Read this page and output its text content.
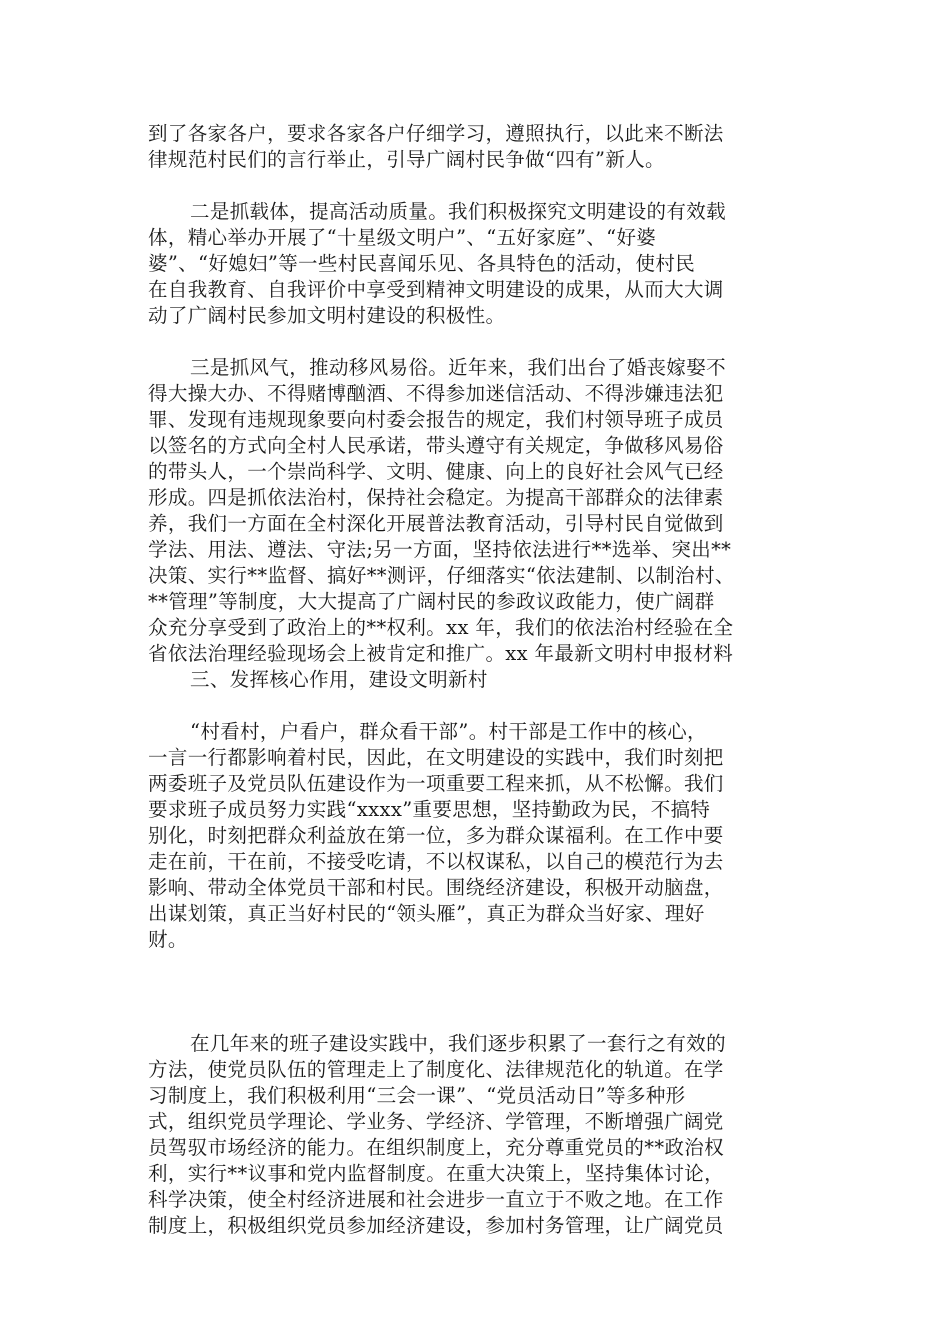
到了各家各户，要求各家各户仔细学习，遵照执行，以此来不断法
律规范村民们的言行举止，引导广阔村民争做“四有”新人。
二是抓载体，提高活动质量。我们积极探究文明建设的有效载
体，精心举办开展了“十星级文明户”、“五好家庭”、“好婆
婆”、“好媳妇”等一些村民喜闻乐见、各具特色的活动，使村民
在自我教育、自我评价中享受到精神文明建设的成果，从而大大调
动了广阔村民参加文明村建设的积极性。
三是抓风气，推动移风易俗。近年来，我们出台了婚丧嫁娶不
得大操大办、不得赌博酗酒、不得参加迷信活动、不得涉嫌违法犯
罪、发现有违规现象要向村委会报告的规定，我们村领导班子成员
以签名的方式向全村人民承诺，带头遵守有关规定，争做移风易俗
的带头人，一个崇尚科学、文明、健康、向上的良好社会风气已经
形成。四是抓依法治村，保持社会稳定。为提高干部群众的法律素
养，我们一方面在全村深化开展普法教育活动，引导村民自觉做到
学法、用法、遵法、守法;另一方面，坚持依法进行**选举、突出**
决策、实行**监督、搞好**测评，仔细落实“依法建制、以制治村、
**管理”等制度，大大提高了广阔村民的参政议政能力，使广阔群
众充分享受到了政治上的**权利。xx 年，我们的依法治村经验在全
省依法治理经验现场会上被肯定和推广。xx 年最新文明村申报材料
三、发挥核心作用，建设文明新村
“村看村，户看户，群众看干部”。村干部是工作中的核心，
一言一行都影响着村民，因此，在文明建设的实践中，我们时刻把
两委班子及党员队伍建设作为一项重要工程来抓，从不松懈。我们
要求班子成员努力实践“xxxx”重要思想，坚持勤政为民，不搞特
别化，时刻把群众利益放在第一位，多为群众谋福利。在工作中要
走在前，干在前，不接受吃请，不以权谋私，以自己的模范行为去
影响、带动全体党员干部和村民。围绕经济建设，积极开动脑盘，
出谋划策，真正当好村民的“领头雁”，真正为群众当好家、理好
财。
在几年来的班子建设实践中，我们逐步积累了一套行之有效的
方法，使党员队伍的管理走上了制度化、法律规范化的轨道。在学
习制度上，我们积极利用“三会一课”、“党员活动日”等多种形
式，组织党员学理论、学业务、学经济、学管理，不断增强广阔党
员驾驭市场经济的能力。在组织制度上，充分尊重党员的**政治权
利，实行**议事和党内监督制度。在重大决策上，坚持集体讨论，
科学决策，使全村经济进展和社会进步一直立于不败之地。在工作
制度上，积极组织党员参加经济建设，参加村务管理，让广阔党员
